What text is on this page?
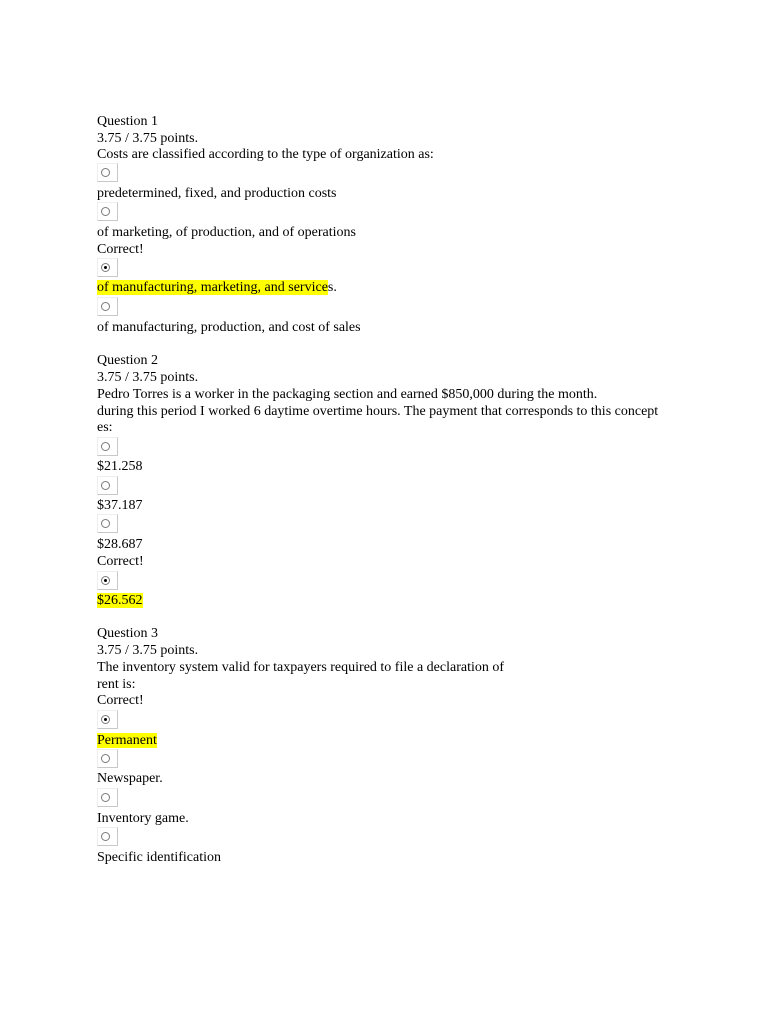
Question 1
3.75 / 3.75 points.
Costs are classified according to the type of organization as:
predetermined, fixed, and production costs
of marketing, of production, and of operations
Correct!
of manufacturing, marketing, and services.
of manufacturing, production, and cost of sales
Question 2
3.75 / 3.75 points.
Pedro Torres is a worker in the packaging section and earned $850,000 during the month.
during this period I worked 6 daytime overtime hours. The payment that corresponds to this concept
es:
$21.258
$37.187
$28.687
Correct!
$26.562
Question 3
3.75 / 3.75 points.
The inventory system valid for taxpayers required to file a declaration of
rent is:
Correct!
Permanent
Newspaper.
Inventory game.
Specific identification
